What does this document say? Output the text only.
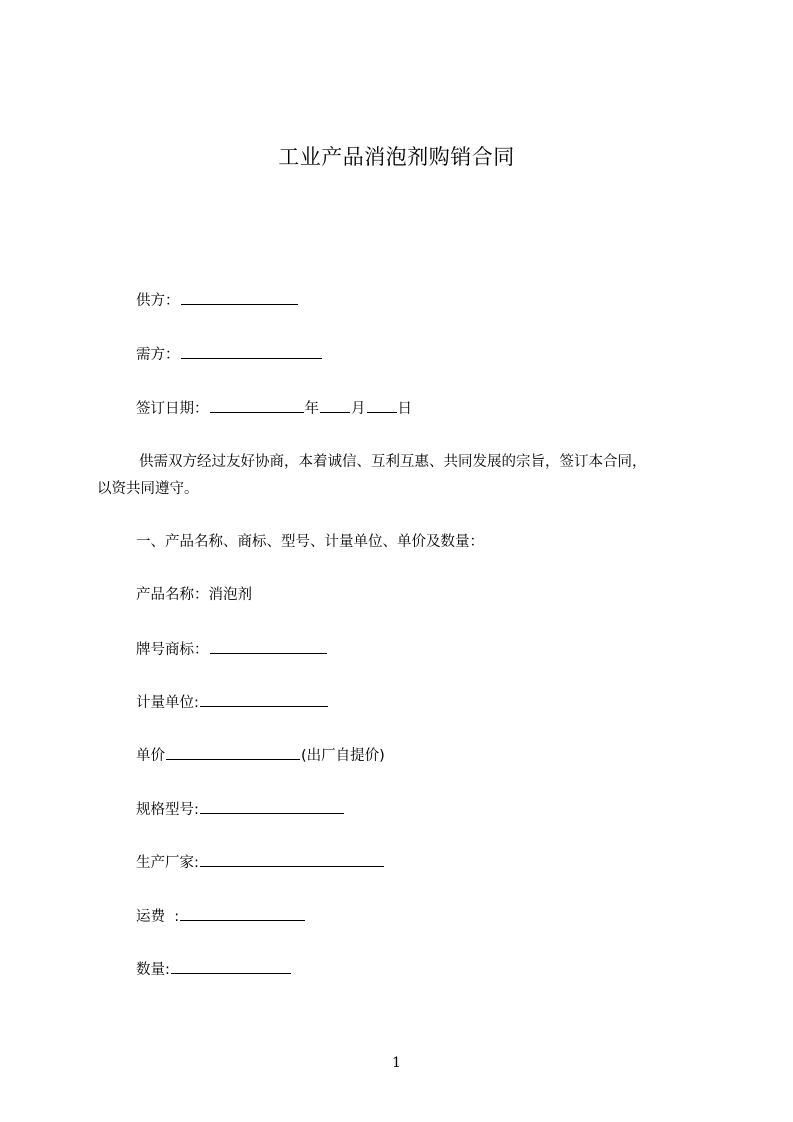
工业产品消泡剂购销合同
供方：
需方：
签订日期：	年 月 日
供需双方经过友好协商，本着诚信、互利互惠、共同发展的宗旨，签订本合同，
以资共同遵守。
一、产品名称、商标、型号、计量单位、单价及数量：
产品名称：消泡剂
牌号商标：
计量单位:
单价	(出厂自提价)
规格型号:
生产厂家:
运费  :
数量:
1
